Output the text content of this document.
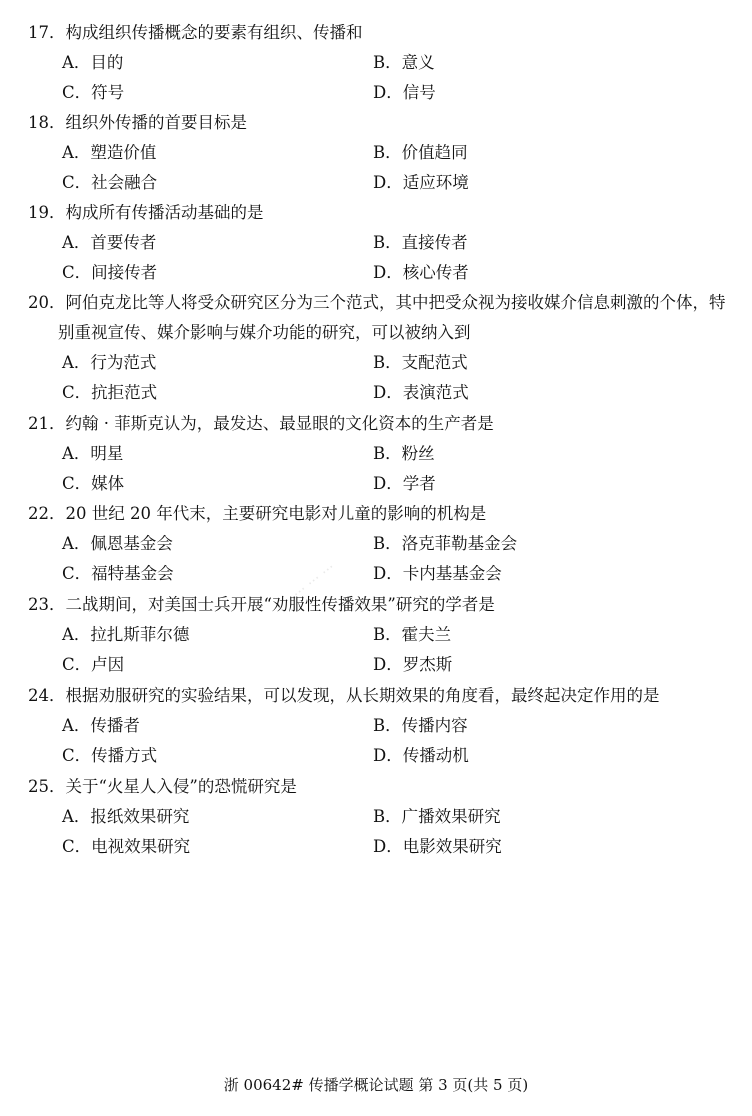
··· ··· ···
17．构成组织传播概念的要素有组织、传播和
A．目的	B．意义
C．符号	D．信号
18．组织外传播的首要目标是
A．塑造价值	B．价值趋同
C．社会融合	D．适应环境
19．构成所有传播活动基础的是
A．首要传者	B．直接传者
C．间接传者	D．核心传者
20．阿伯克龙比等人将受众研究区分为三个范式，其中把受众视为接收媒介信息刺激的个体，特别重视宣传、媒介影响与媒介功能的研究，可以被纳入到
A．行为范式	B．支配范式
C．抗拒范式	D．表演范式
21．约翰 · 菲斯克认为，最发达、最显眼的文化资本的生产者是
A．明星	B．粉丝
C．媒体	D．学者
22．20 世纪 20 年代末，主要研究电影对儿童的影响的机构是
A．佩恩基金会	B．洛克菲勒基金会
C．福特基金会	D．卡内基基金会
23．二战期间，对美国士兵开展“劝服性传播效果”研究的学者是
A．拉扎斯菲尔德	B．霍夫兰
C．卢因	D．罗杰斯
24．根据劝服研究的实验结果，可以发现，从长期效果的角度看，最终起决定作用的是
A．传播者	B．传播内容
C．传播方式	D．传播动机
25．关于“火星人入侵”的恐慌研究是
A．报纸效果研究	B．广播效果研究
C．电视效果研究	D．电影效果研究
浙 00642# 传播学概论试题 第 3 页(共 5 页)
